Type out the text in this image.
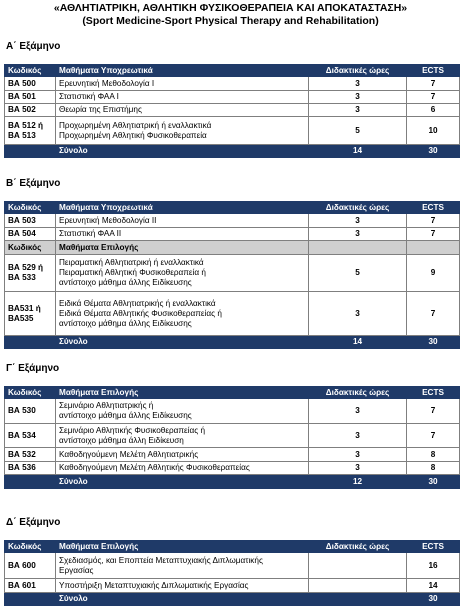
«ΑΘΛΗΤΙΑΤΡΙΚΗ, ΑΘΛΗΤΙΚΗ ΦΥΣΙΚΟΘΕΡΑΠΕΙΑ ΚΑΙ ΑΠΟΚΑΤΑΣΤΑΣΗ»
(Sport Medicine-Sport Physical Therapy and Rehabilitation)
Α΄ Εξάμηνο
Κωδικός	Μαθήματα Υποχρεωτικά	Διδακτικές ώρες	ECTS

ΒΑ 500	Ερευνητική Μεθοδολογία Ι	3	7

ΒΑ 501	Στατιστική ΦΑΑ Ι	3	7

ΒΑ 502	Θεωρία της Επιστήμης	3	6

ΒΑ 512 ή
ΒΑ 513	Προχωρημένη Αθλητιατρική ή εναλλακτικά
Προχωρημένη Αθλητική Φυσικοθεραπεία	5	10
	Σύνολο	14	30
Β΄ Εξάμηνο
Κωδικός	Μαθήματα Υποχρεωτικά	Διδακτικές ώρες	ECTS

ΒΑ 503	Ερευνητική Μεθοδολογία ΙΙ	3	7

ΒΑ 504	Στατιστική ΦΑΑ ΙΙ	3	7
Κωδικός	Μαθήματα Επιλογής		

ΒΑ 529 ή
ΒΑ 533	Πειραματική Αθλητιατρική ή εναλλακτικά
Πειραματική Αθλητική Φυσικοθεραπεία ή
αντίστοιχο μάθημα άλλης Ειδίκευσης	5	9

ΒΑ531 ή
ΒΑ535	Ειδικά Θέματα Αθλητιατρικής ή εναλλακτικά
Ειδικά Θέματα Αθλητικής Φυσικοθεραπείας ή
αντίστοιχο μάθημα άλλης Ειδίκευσης	3	7
	Σύνολο	14	30
Γ΄ Εξάμηνο
Κωδικός	Μαθήματα Επιλογής	Διδακτικές ώρες	ECTS

ΒΑ 530	Σεμινάριο Αθλητιατρικής ή
αντίστοιχο μάθημα άλλης Ειδίκευσης	3	7

ΒΑ 534	Σεμινάριο Αθλητικής Φυσικοθεραπείας ή
αντίστοιχο μάθημα άλλη Ειδίκευση	3	7

ΒΑ 532	Καθοδηγούμενη Μελέτη Αθλητιατρικής	3	8

ΒΑ 536	Καθοδηγούμενη Μελέτη Αθλητικής Φυσικοθεραπείας	3	8
	Σύνολο	12	30
Δ΄ Εξάμηνο
Κωδικός	Μαθήματα Επιλογής	Διδακτικές ώρες	ECTS

ΒΑ 600	Σχεδιασμός, και Εποπτεία Μεταπτυχιακής Διπλωματικής
Εργασίας		16

ΒΑ 601	Υποστήριξη Μεταπτυχιακής Διπλωματικής Εργασίας		14
	Σύνολο		30
